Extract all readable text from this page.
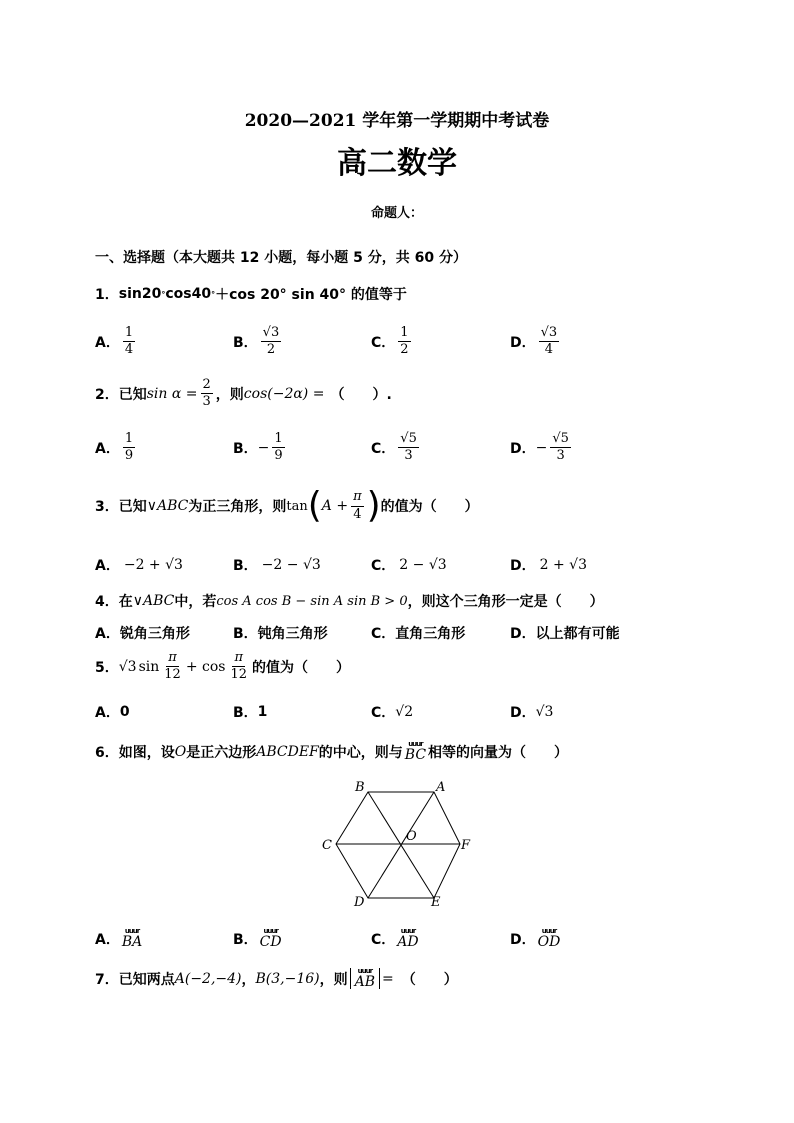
2020—2021 学年第一学期期中考试卷
高二数学
命题人：
一、选择题（本大题共 12 小题，每小题 5 分，共 60 分）
1． sin20 ° cos40 ° ＋cos 20° sin 40° 的值等于
A． $\frac{1}{4}$	B． $\frac{√3}{2}$	C． $\frac{1}{2}$	D． $\frac{√3}{4}$
2． 已知 $\sin \alpha = \frac{2}{3}$ ，则 cos(−2α) = （　　）.
A． $\frac{1}{9}$	B． − $\frac{1}{9}$	C． $\frac{√5}{3}$	D． − $\frac{√5}{3}$
3． 已知 ∨ABC 为正三角形，则 tan ( $A + \frac{\pi}{4}$ ) 的值为（　　）
A． −2 + √3	B． −2 − √3	C． 2 − √3	D． 2 + √3
4． 在 ∨ABC 中，若 cos A cos B − sin A sin B > 0 ，则这个三角形一定是（　　）
A． 锐角三角形	B． 钝角三角形	C． 直角三角形	D． 以上都有可能
5． √3 $\sin \frac{\pi}{12} + \cos \frac{\pi}{12}$ 的值为（　　）
A． 0	B． 1	C． √2	D． √3
6． 如图，设 O 是正六边形 ABCDEF 的中心，则与
uuur
BC 相等的向量为（　　）
A
B
C
D	E
F
O
A．
uuur
BA	B．
uuur
CD	C．
uuur
AD	D．
uuur
OD
7． 已知两点 A(−2,−4) ， B(3,−16) ，则
uuur
AB = （　　）
